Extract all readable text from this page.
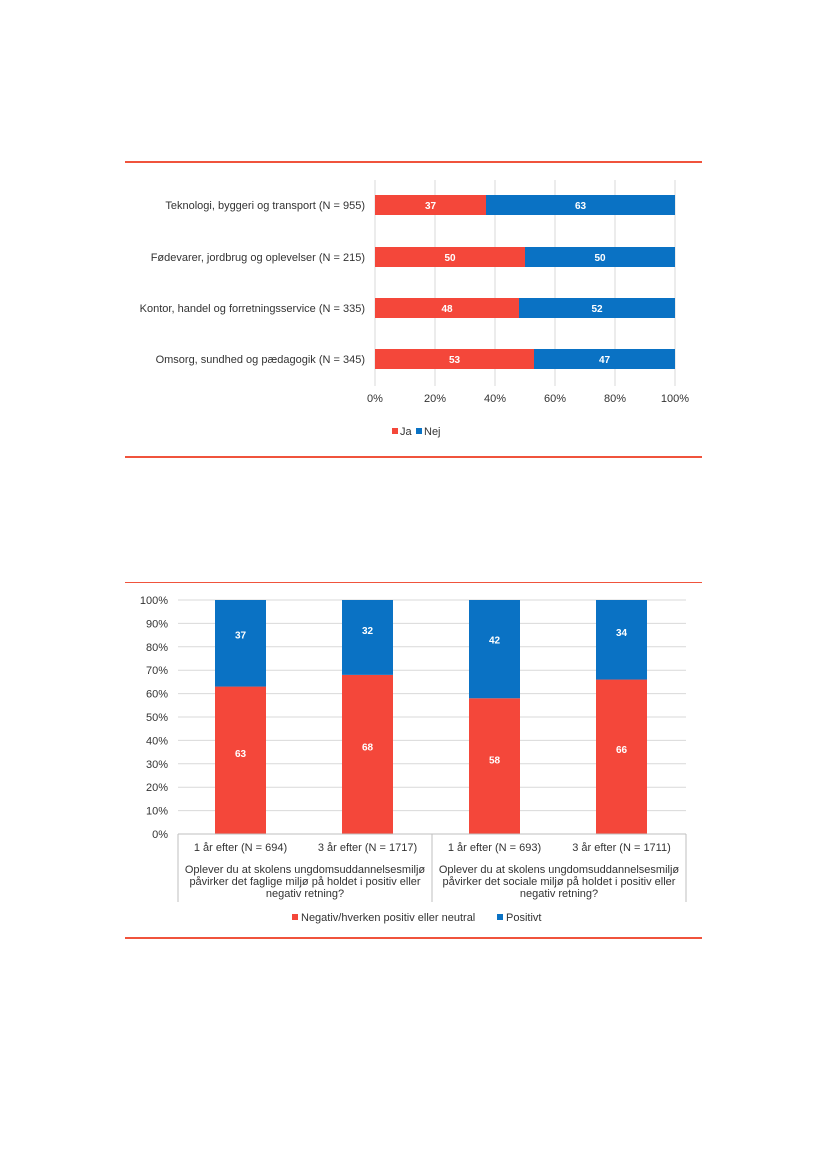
0%	20%	40%	60%	80%	100%
Teknologi, byggeri og transport (N = 955)	37	63
Fødevarer, jordbrug og oplevelser (N = 215)	50	50
Kontor, handel og forretningsservice (N = 335)	48	52
Omsorg, sundhed og pædagogik (N = 345)	53	47
Ja Nej
0%
10%
20%
30%
40%
50%
60%
70%
80%
90%
100%
63
37
1 år efter (N = 694)
68
32
3 år efter (N = 1717)
58
42
1 år efter (N = 693)
66
34
3 år efter (N = 1711)
Oplever du at skolens ungdomsuddannelsesmiljø påvirker det faglige miljø på holdet i positiv eller negativ retning?
Oplever du at skolens ungdomsuddannelsesmiljø påvirker det sociale miljø på holdet i positiv eller negativ retning?
Negativ/hverken positiv eller neutral	Positivt
